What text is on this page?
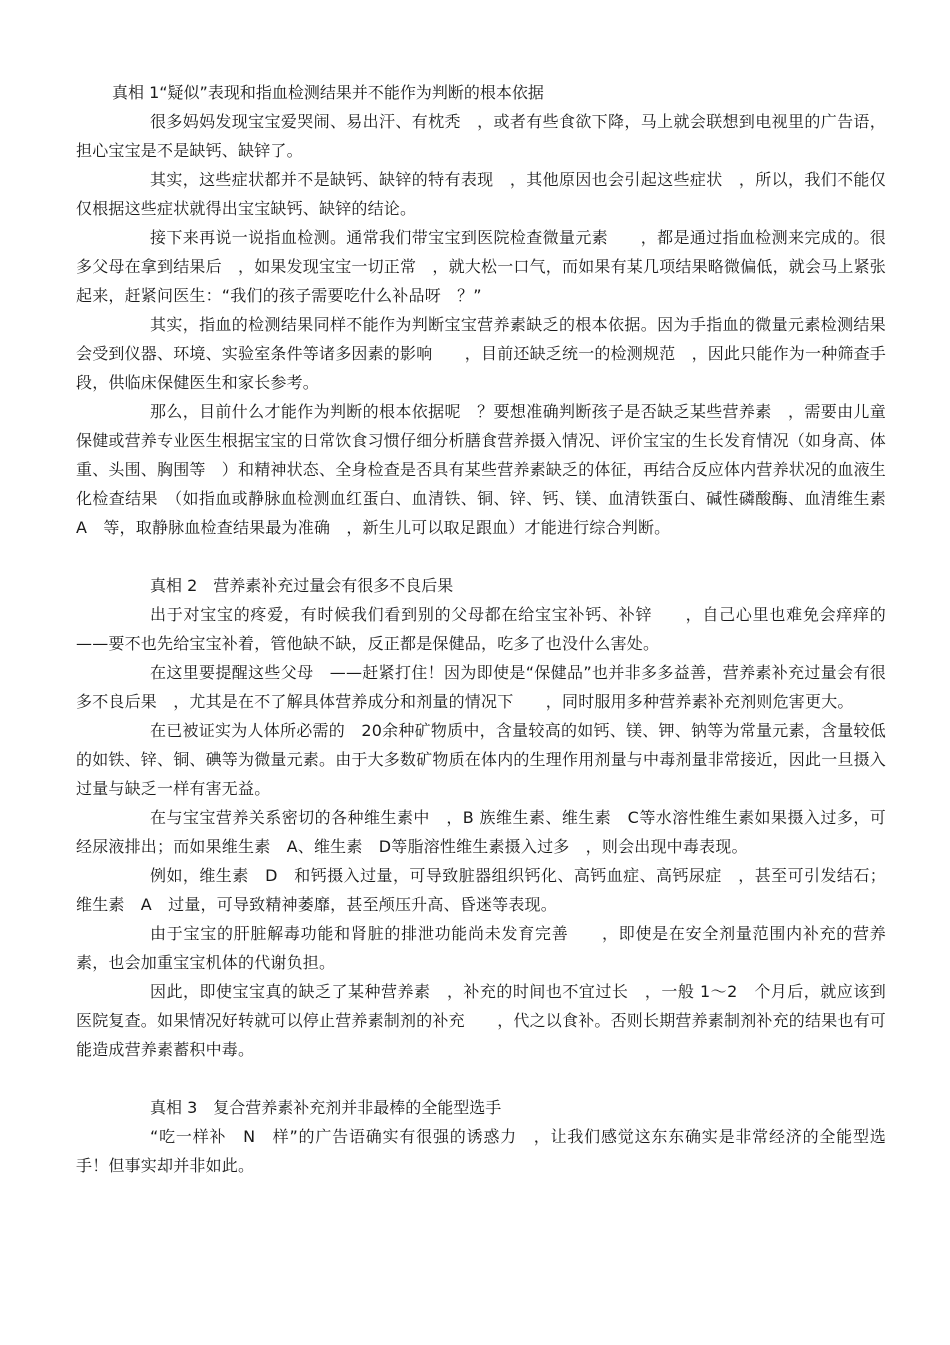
真相 1“疑似”表现和指血检测结果并不能作为判断的根本依据

很多妈妈发现宝宝爱哭闹、易出汗、有枕秃　，或者有些食欲下降，马上就会联想到电视里的广告语，担心宝宝是不是缺钙、缺锌了。

其实，这些症状都并不是缺钙、缺锌的特有表现　，其他原因也会引起这些症状　，所以，我们不能仅仅根据这些症状就得出宝宝缺钙、缺锌的结论。

接下来再说一说指血检测。通常我们带宝宝到医院检查微量元素　　，都是通过指血检测来完成的。很多父母在拿到结果后　，如果发现宝宝一切正常　，就大松一口气，而如果有某几项结果略微偏低，就会马上紧张起来，赶紧问医生：“我们的孩子需要吃什么补品呀　？”

其实，指血的检测结果同样不能作为判断宝宝营养素缺乏的根本依据。因为手指血的微量元素检测结果会受到仪器、环境、实验室条件等诸多因素的影响　　，目前还缺乏统一的检测规范　，因此只能作为一种筛查手段，供临床保健医生和家长参考。

那么，目前什么才能作为判断的根本依据呢　？要想准确判断孩子是否缺乏某些营养素　，需要由儿童保健或营养专业医生根据宝宝的日常饮食习惯仔细分析膳食营养摄入情况、评价宝宝的生长发育情况（如身高、体重、头围、胸围等　）和精神状态、全身检查是否具有某些营养素缺乏的体征，再结合反应体内营养状况的血液生化检查结果　（如指血或静脉血检测血红蛋白、血清铁、铜、锌、钙、镁、血清铁蛋白、碱性磷酸酶、血清维生素　A　等，取静脉血检查结果最为准确　，新生儿可以取足跟血）才能进行综合判断。

真相 2　营养素补充过量会有很多不良后果

出于对宝宝的疼爱，有时候我们看到别的父母都在给宝宝补钙、补锌　　，自己心里也难免会痒痒的——要不也先给宝宝补着，管他缺不缺，反正都是保健品，吃多了也没什么害处。

在这里要提醒这些父母　——赶紧打住！因为即使是“保健品”也并非多多益善，营养素补充过量会有很多不良后果　，尤其是在不了解具体营养成分和剂量的情况下　　，同时服用多种营养素补充剂则危害更大。

在已被证实为人体所必需的　20余种矿物质中，含量较高的如钙、镁、钾、钠等为常量元素，含量较低的如铁、锌、铜、碘等为微量元素。由于大多数矿物质在体内的生理作用剂量与中毒剂量非常接近，因此一旦摄入过量与缺乏一样有害无益。

在与宝宝营养关系密切的各种维生素中　，B 族维生素、维生素　C等水溶性维生素如果摄入过多，可经尿液排出；而如果维生素　A、维生素　D等脂溶性维生素摄入过多　，则会出现中毒表现。

例如，维生素　D　和钙摄入过量，可导致脏器组织钙化、高钙血症、高钙尿症　，甚至可引发结石；维生素　A　过量，可导致精神萎靡，甚至颅压升高、昏迷等表现。

由于宝宝的肝脏解毒功能和肾脏的排泄功能尚未发育完善　　，即使是在安全剂量范围内补充的营养素，也会加重宝宝机体的代谢负担。

因此，即使宝宝真的缺乏了某种营养素　，补充的时间也不宜过长　，一般 1～2　个月后，就应该到医院复查。如果情况好转就可以停止营养素制剂的补充　　，代之以食补。否则长期营养素制剂补充的结果也有可能造成营养素蓄积中毒。

真相 3　复合营养素补充剂并非最棒的全能型选手

“吃一样补　N　样”的广告语确实有很强的诱惑力　，让我们感觉这东东确实是非常经济的全能型选手！但事实却并非如此。
